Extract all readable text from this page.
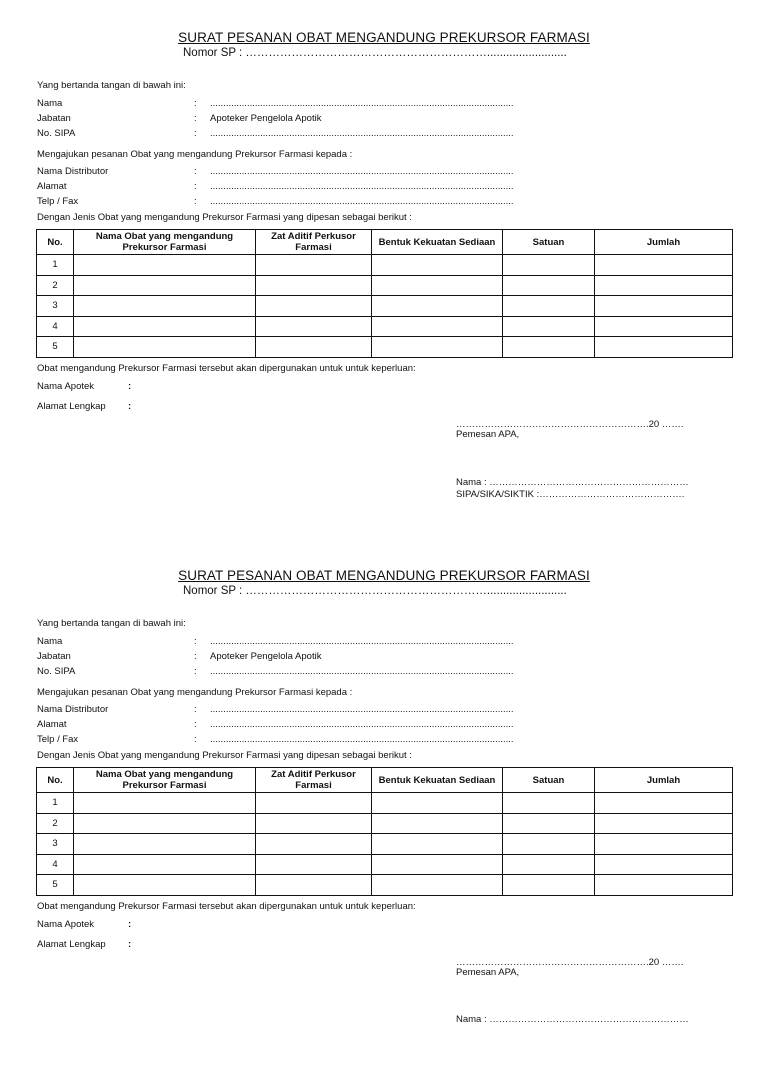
SURAT PESANAN OBAT MENGANDUNG PREKURSOR FARMASI
Nomor SP : ……………………………………………………….........................
Yang bertanda tangan di bawah ini:
Nama	: ...................................................................................................................
Jabatan	: Apoteker Pengelola Apotik
No. SIPA	: ...................................................................................................................
Mengajukan pesanan Obat yang mengandung Prekursor Farmasi kepada :
Nama Distributor	: ...................................................................................................................
Alamat	: ...................................................................................................................
Telp / Fax	: ...................................................................................................................
Dengan Jenis Obat yang mengandung Prekursor Farmasi yang dipesan sebagai berikut :
No.	Nama Obat yang mengandung Prekursor Farmasi	Zat Aditif Perkusor Farmasi	Bentuk Kekuatan Sediaan	Satuan	Jumlah
1					
2					
3					
4					
5					
Obat mengandung Prekursor Farmasi tersebut akan dipergunakan untuk untuk keperluan:
Nama Apotek	:
Alamat Lengkap :
…………………………………………………….20 …….
Pemesan APA,
Nama : ………………………………………………………
SIPA/SIKA/SIKTIK :……………………………………….
SURAT PESANAN OBAT MENGANDUNG PREKURSOR FARMASI
Nomor SP : ……………………………………………………….........................
Yang bertanda tangan di bawah ini:
Nama	: ...................................................................................................................
Jabatan	: Apoteker Pengelola Apotik
No. SIPA	: ...................................................................................................................
Mengajukan pesanan Obat yang mengandung Prekursor Farmasi kepada :
Nama Distributor	: ...................................................................................................................
Alamat	: ...................................................................................................................
Telp / Fax	: ...................................................................................................................
Dengan Jenis Obat yang mengandung Prekursor Farmasi yang dipesan sebagai berikut :
No.	Nama Obat yang mengandung Prekursor Farmasi	Zat Aditif Perkusor Farmasi	Bentuk Kekuatan Sediaan	Satuan	Jumlah
1					
2					
3					
4					
5					
Obat mengandung Prekursor Farmasi tersebut akan dipergunakan untuk untuk keperluan:
Nama Apotek	:
Alamat Lengkap :
…………………………………………………….20 …….
Pemesan APA,
Nama : ………………………………………………………
